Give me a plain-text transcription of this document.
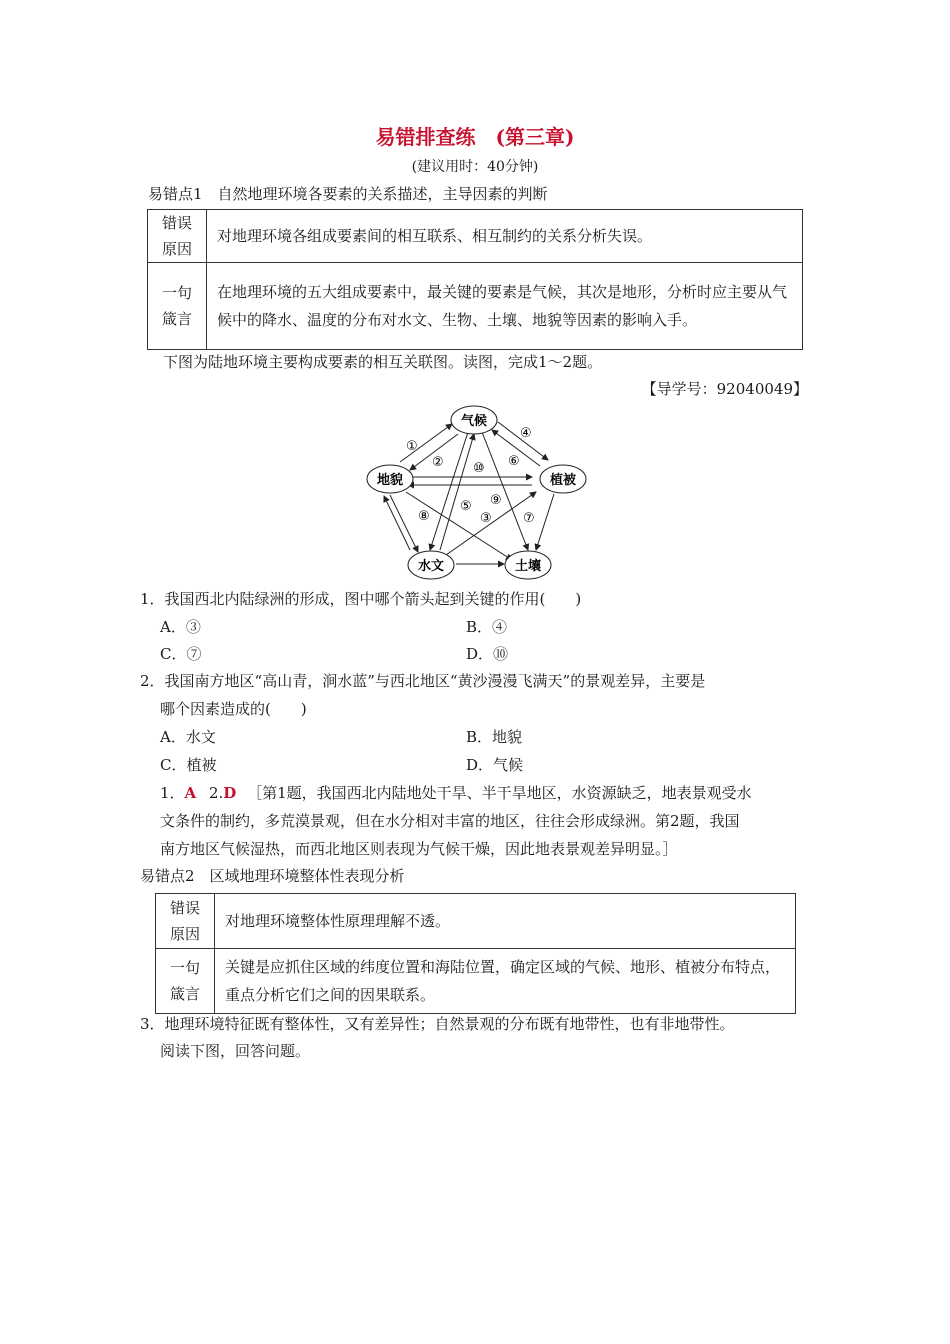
易错排查练　(第三章)
(建议用时：40分钟)
易错点1　自然地理环境各要素的关系描述，主导因素的判断
错误
原因	对地理环境各组成要素间的相互联系、相互制约的关系分析失误。

一句
箴言	在地理环境的五大组成要素中，最关键的要素是气候，其次是地形，分析时应主要从气候中的降水、温度的分布对水文、生物、土壤、地貌等因素的影响入手。
下图为陆地环境主要构成要素的相互关联图。读图，完成1～2题。
【导学号：92040049】
气候
地貌	植被
水文	土壤
①
②
③
④
⑤
⑥
⑦
⑧
⑨
⑩
1．我国西北内陆绿洲的形成，图中哪个箭头起到关键的作用(　　)
A．③	B．④
C．⑦	D．⑩
2．我国南方地区“高山青，涧水蓝”与西北地区“黄沙漫漫飞满天”的景观差异，主要是
哪个因素造成的(　　)
A．水文	B．地貌
C．植被	D．气候
1．A 2.D ［第1题，我国西北内陆地处干旱、半干旱地区，水资源缺乏，地表景观受水
文条件的制约，多荒漠景观，但在水分相对丰富的地区，往往会形成绿洲。第2题，我国
南方地区气候湿热，而西北地区则表现为气候干燥，因此地表景观差异明显。］
易错点2　区域地理环境整体性表现分析
错误
原因	对地理环境整体性原理理解不透。

一句
箴言	关键是应抓住区域的纬度位置和海陆位置，确定区域的气候、地形、植被分布特点，重点分析它们之间的因果联系。
3．地理环境特征既有整体性，又有差异性；自然景观的分布既有地带性，也有非地带性。
阅读下图，回答问题。
